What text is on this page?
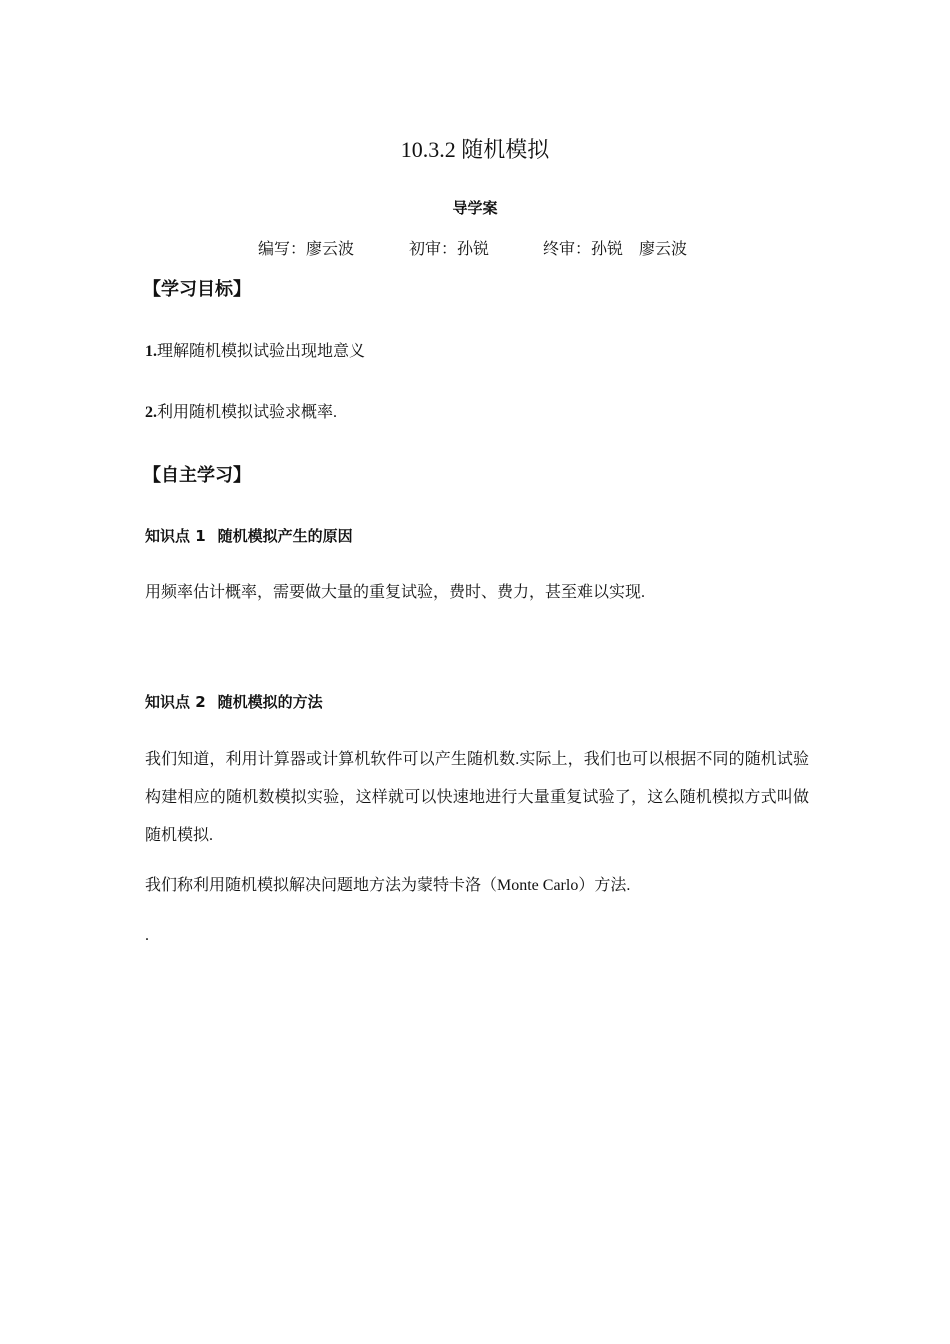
10.3.2 随机模拟
导学案
编写：廖云波	初审：孙锐	终审：孙锐　廖云波
【学习目标】
1.理解随机模拟试验出现地意义
2.利用随机模拟试验求概率.
【自主学习】
知识点 1 随机模拟产生的原因
用频率估计概率，需要做大量的重复试验，费时、费力，甚至难以实现.
知识点 2 随机模拟的方法
我们知道，利用计算器或计算机软件可以产生随机数.实际上，我们也可以根据不同的随机试验构建相应的随机数模拟实验，这样就可以快速地进行大量重复试验了，这么随机模拟方式叫做随机模拟.
我们称利用随机模拟解决问题地方法为蒙特卡洛（Monte Carlo）方法.
.
